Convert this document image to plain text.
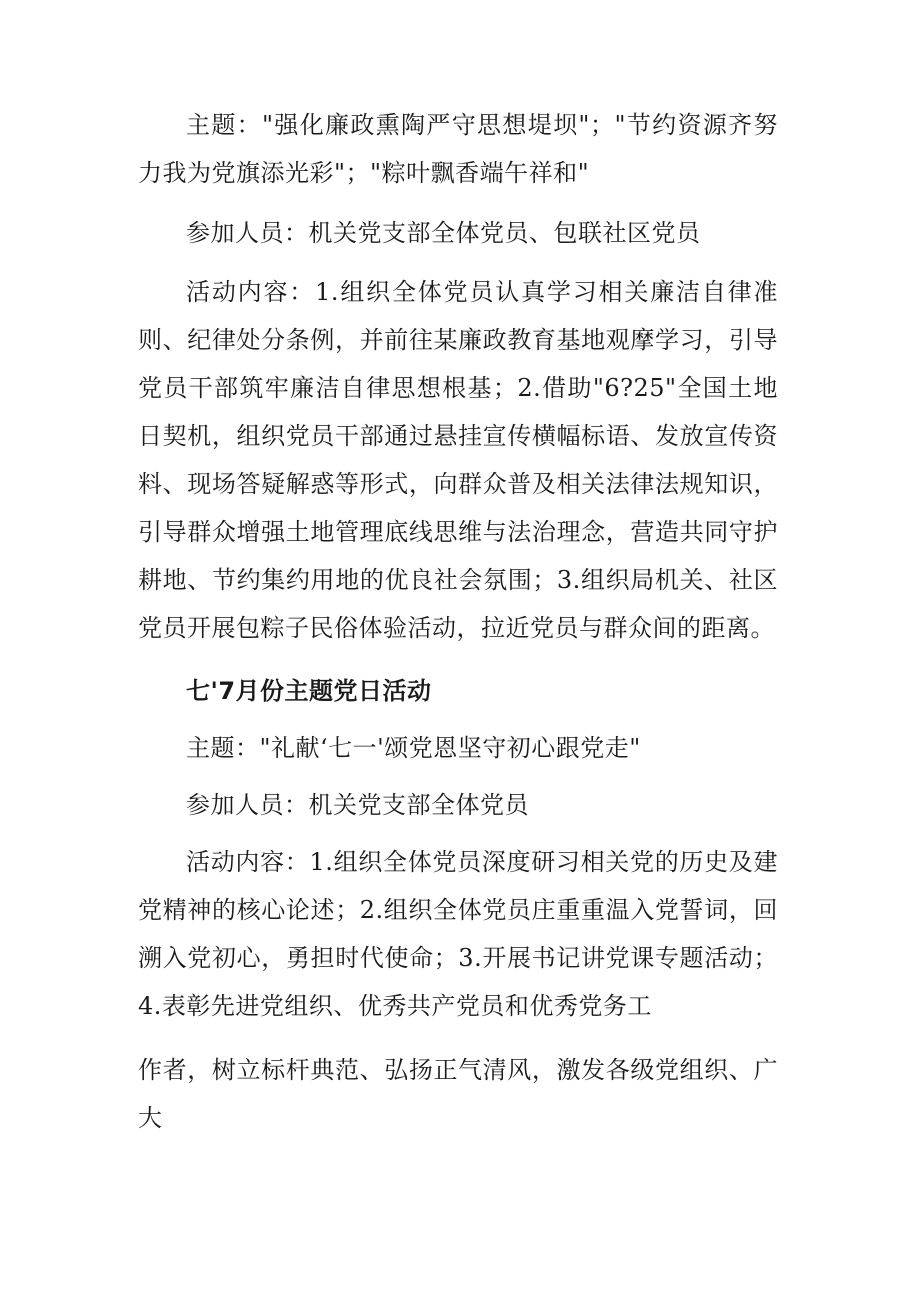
主题："强化廉政熏陶严守思想堤坝"；"节约资源齐努力我为党旗添光彩"；"粽叶飘香端午祥和"

参加人员：机关党支部全体党员、包联社区党员

活动内容：1.组织全体党员认真学习相关廉洁自律准则、纪律处分条例，并前往某廉政教育基地观摩学习，引导党员干部筑牢廉洁自律思想根基；2.借助"6?25"全国土地日契机，组织党员干部通过悬挂宣传横幅标语、发放宣传资料、现场答疑解惑等形式，向群众普及相关法律法规知识，引导群众增强土地管理底线思维与法治理念，营造共同守护耕地、节约集约用地的优良社会氛围；3.组织局机关、社区党员开展包粽子民俗体验活动，拉近党员与群众间的距离。

七'7月份主题党日活动

主题："礼献‘七一'颂党恩坚守初心跟党走"

参加人员：机关党支部全体党员

活动内容：1.组织全体党员深度研习相关党的历史及建党精神的核心论述；2.组织全体党员庄重重温入党誓词，回溯入党初心，勇担时代使命；3.开展书记讲党课专题活动；4.表彰先进党组织、优秀共产党员和优秀党务工

作者，树立标杆典范、弘扬正气清风，激发各级党组织、广大
